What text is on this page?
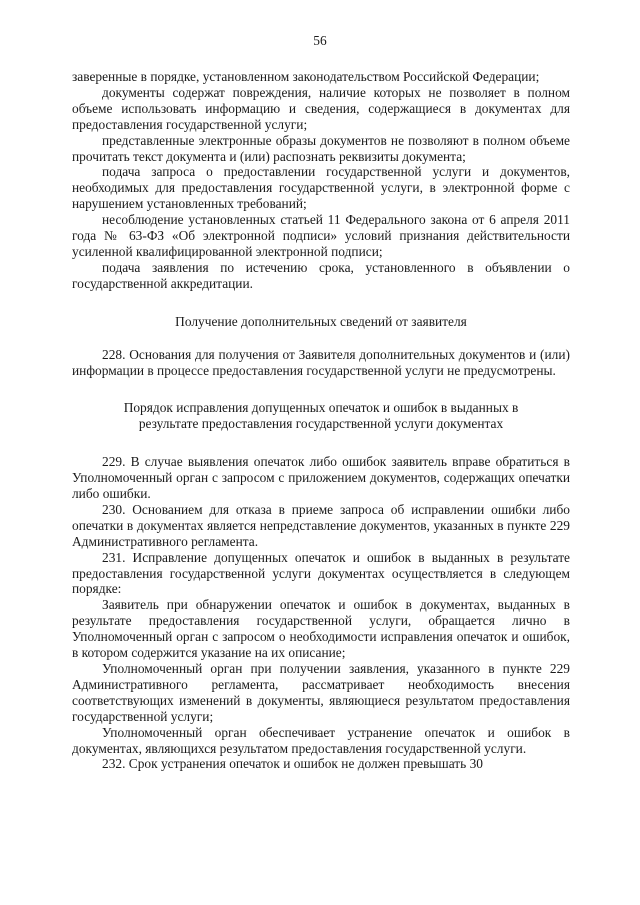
56

заверенные в порядке, установленном законодательством Российской Федерации;

документы содержат повреждения, наличие которых не позволяет в полном объеме использовать информацию и сведения, содержащиеся в документах для предоставления государственной услуги;

представленные электронные образы документов не позволяют в полном объеме прочитать текст документа и (или) распознать реквизиты документа;

подача запроса о предоставлении государственной услуги и документов, необходимых для предоставления государственной услуги, в электронной форме с нарушением установленных требований;

несоблюдение установленных статьей 11 Федерального закона от 6 апреля 2011 года № 63-ФЗ «Об электронной подписи» условий признания действительности усиленной квалифицированной электронной подписи;

подача заявления по истечению срока, установленного в объявлении о государственной аккредитации.

Получение дополнительных сведений от заявителя

228. Основания для получения от Заявителя дополнительных документов и (или) информации в процессе предоставления государственной услуги не предусмотрены.

Порядок исправления допущенных опечаток и ошибок в выданных в
результате предоставления государственной услуги документах

229. В случае выявления опечаток либо ошибок заявитель вправе обратиться в Уполномоченный орган с запросом с приложением документов, содержащих опечатки либо ошибки.

230. Основанием для отказа в приеме запроса об исправлении ошибки либо опечатки в документах является непредставление документов, указанных в пункте 229 Административного регламента.

231. Исправление допущенных опечаток и ошибок в выданных в результате предоставления государственной услуги документах осуществляется в следующем порядке:

Заявитель при обнаружении опечаток и ошибок в документах, выданных в результате предоставления государственной услуги, обращается лично в Уполномоченный орган с запросом о необходимости исправления опечаток и ошибок, в котором содержится указание на их описание;

Уполномоченный орган при получении заявления, указанного в пункте 229 Административного регламента, рассматривает необходимость внесения соответствующих изменений в документы, являющиеся результатом предоставления государственной услуги;

Уполномоченный орган обеспечивает устранение опечаток и ошибок в документах, являющихся результатом предоставления государственной услуги.

232. Срок устранения опечаток и ошибок не должен превышать 30
